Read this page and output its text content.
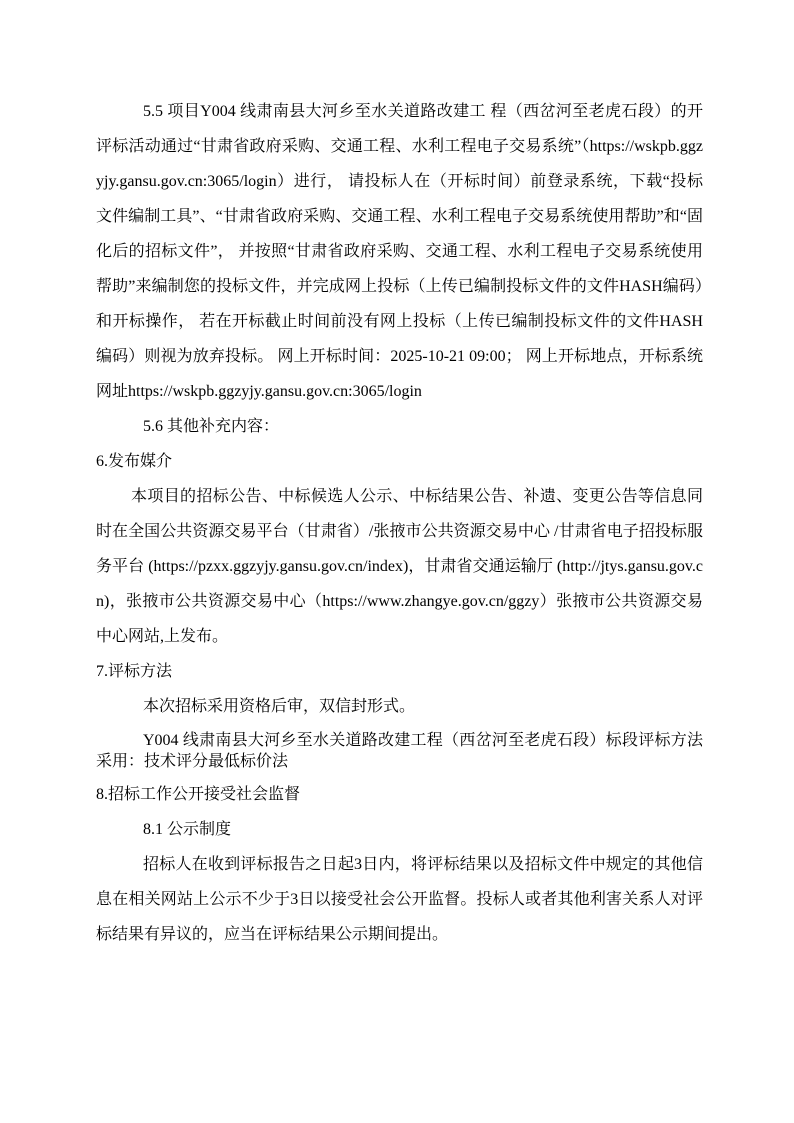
5.5 项目Y004 线肃南县大河乡至水关道路改建工 程（西岔河至老虎石段）的开评标活动通过“甘肃省政府采购、交通工程、水利工程电子交易系统”（https://wskpb.ggzyjy.gansu.gov.cn:3065/login）进行， 请投标人在（开标时间）前登录系统，下载“投标文件编制工具”、“甘肃省政府采购、交通工程、水利工程电子交易系统使用帮助”和“固化后的招标文件”， 并按照“甘肃省政府采购、交通工程、水利工程电子交易系统使用帮助”来编制您的投标文件，并完成网上投标（上传已编制投标文件的文件HASH编码）和开标操作， 若在开标截止时间前没有网上投标（上传已编制投标文件的文件HASH编码）则视为放弃投标。 网上开标时间：2025-10-21 09:00； 网上开标地点，开标系统网址https://wskpb.ggzyjy.gansu.gov.cn:3065/login

5.6 其他补充内容：

6.发布媒介

本项目的招标公告、中标候选人公示、中标结果公告、补遗、变更公告等信息同时在全国公共资源交易平台（甘肃省）/张掖市公共资源交易中心 /甘肃省电子招投标服务平台 (https://pzxx.ggzyjy.gansu.gov.cn/index)，甘肃省交通运输厅 (http://jtys.gansu.gov.cn)，张掖市公共资源交易中心（https://www.zhangye.gov.cn/ggzy）张掖市公共资源交易中心网站,上发布。

7.评标方法

本次招标采用资格后审，双信封形式。

Y004 线肃南县大河乡至水关道路改建工程（西岔河至老虎石段）标段评标方法采用：技术评分最低标价法

8.招标工作公开接受社会监督

8.1 公示制度

招标人在收到评标报告之日起3日内，将评标结果以及招标文件中规定的其他信息在相关网站上公示不少于3日以接受社会公开监督。投标人或者其他利害关系人对评标结果有异议的，应当在评标结果公示期间提出。
